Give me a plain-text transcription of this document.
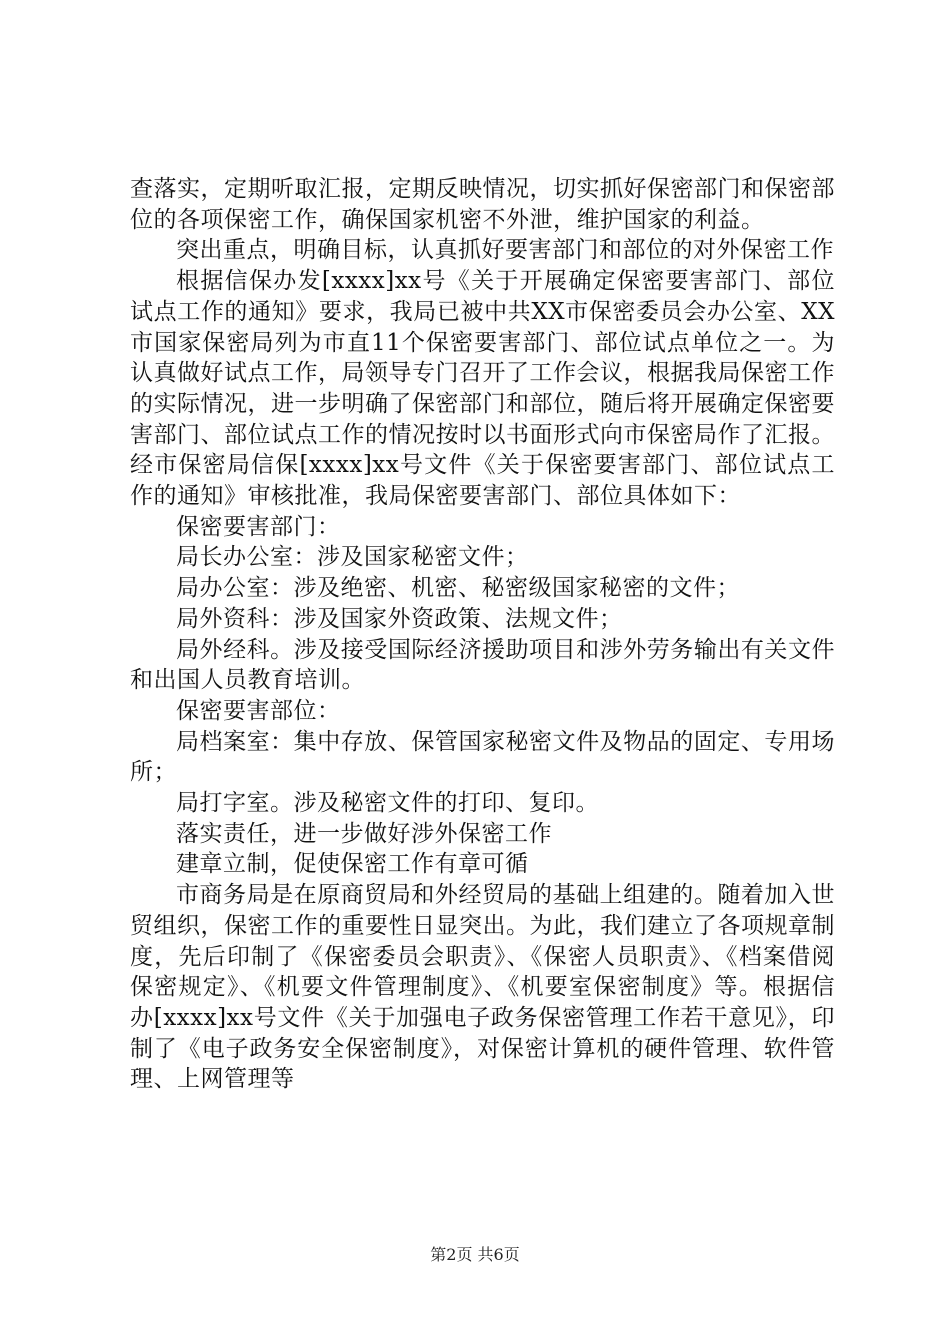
查落实，定期听取汇报，定期反映情况，切实抓好保密部门和保密部位的各项保密工作，确保国家机密不外泄，维护国家的利益。

突出重点，明确目标，认真抓好要害部门和部位的对外保密工作

根据信保办发[xxxx]xx号《关于开展确定保密要害部门、部位试点工作的通知》要求，我局已被中共XX市保密委员会办公室、XX市国家保密局列为市直11个保密要害部门、部位试点单位之一。为认真做好试点工作，局领导专门召开了工作会议，根据我局保密工作的实际情况，进一步明确了保密部门和部位，随后将开展确定保密要害部门、部位试点工作的情况按时以书面形式向市保密局作了汇报。经市保密局信保[xxxx]xx号文件《关于保密要害部门、部位试点工作的通知》审核批准，我局保密要害部门、部位具体如下：

保密要害部门：

局长办公室：涉及国家秘密文件；

局办公室：涉及绝密、机密、秘密级国家秘密的文件；

局外资科：涉及国家外资政策、法规文件；

局外经科。涉及接受国际经济援助项目和涉外劳务输出有关文件和出国人员教育培训。

保密要害部位：

局档案室：集中存放、保管国家秘密文件及物品的固定、专用场所；

局打字室。涉及秘密文件的打印、复印。

落实责任，进一步做好涉外保密工作

建章立制，促使保密工作有章可循

市商务局是在原商贸局和外经贸局的基础上组建的。随着加入世贸组织，保密工作的重要性日显突出。为此，我们建立了各项规章制度，先后印制了《保密委员会职责》、《保密人员职责》、《档案借阅保密规定》、《机要文件管理制度》、《机要室保密制度》等。根据信办[xxxx]xx号文件《关于加强电子政务保密管理工作若干意见》，印制了《电子政务安全保密制度》，对保密计算机的硬件管理、软件管理、上网管理等

第2页 共6页
